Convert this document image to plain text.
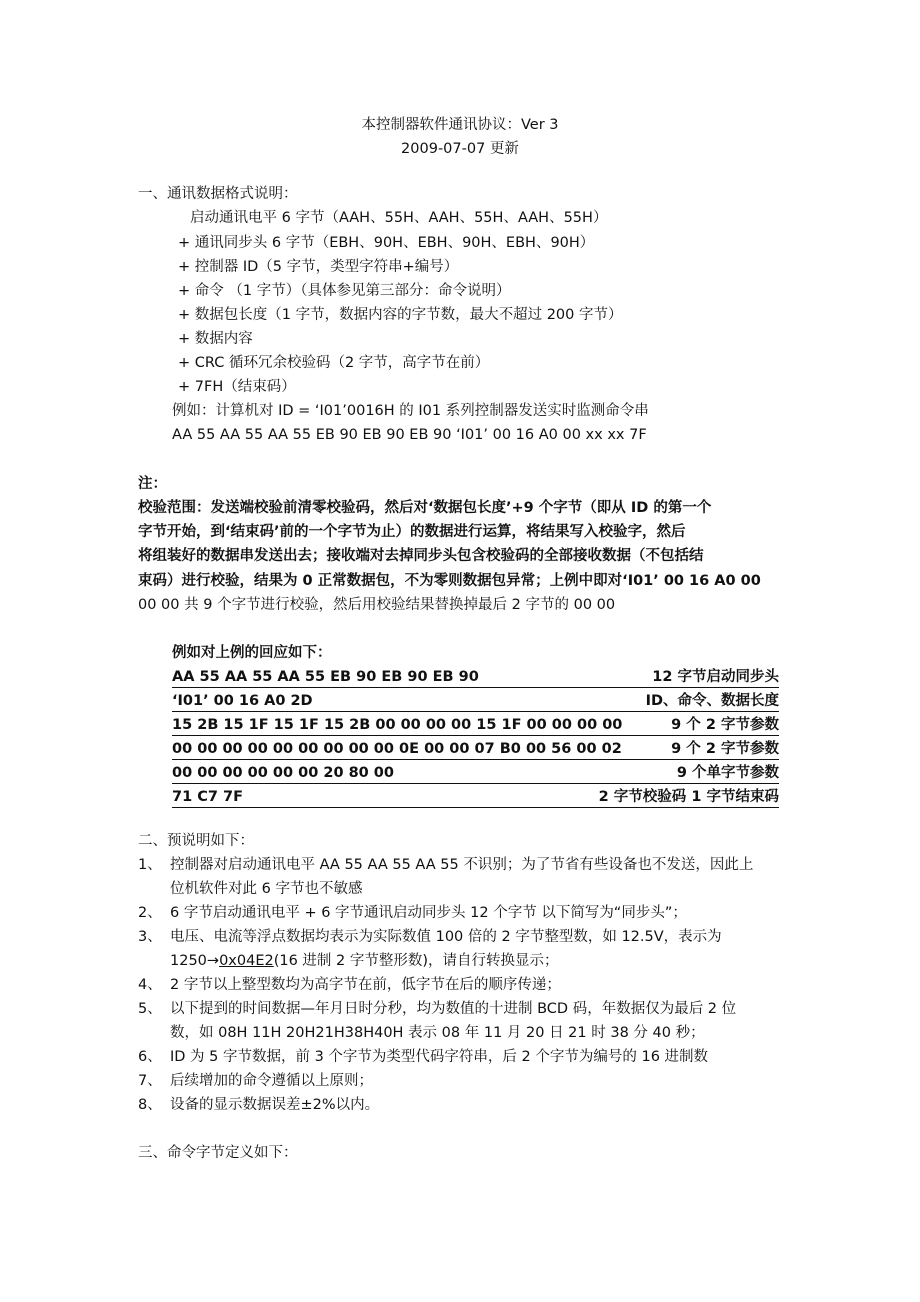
本控制器软件通讯协议：Ver 3
2009-07-07 更新
一、通讯数据格式说明：
启动通讯电平 6 字节（AAH、55H、AAH、55H、AAH、55H）
+ 通讯同步头 6 字节（EBH、90H、EBH、90H、EBH、90H）
+ 控制器 ID（5 字节，类型字符串+编号）
+ 命令 （1 字节）（具体参见第三部分：命令说明）
+ 数据包长度（1 字节，数据内容的字节数，最大不超过 200 字节）
+ 数据内容
+ CRC 循环冗余校验码（2 字节，高字节在前）
+ 7FH（结束码）
例如：计算机对 ID = ‘I01’0016H 的 I01 系列控制器发送实时监测命令串
AA 55 AA 55 AA 55 EB 90 EB 90 EB 90 ‘I01’ 00 16 A0 00 xx xx 7F
注：
校验范围：发送端校验前清零校验码，然后对‘数据包长度’+9 个字节（即从 ID 的第一个
字节开始，到‘结束码’前的一个字节为止）的数据进行运算，将结果写入校验字，然后
将组装好的数据串发送出去；接收端对去掉同步头包含校验码的全部接收数据（不包括结
束码）进行校验，结果为 0 正常数据包，不为零则数据包异常；上例中即对‘I01’ 00 16 A0 00
00 00 共 9 个字节进行校验，然后用校验结果替换掉最后 2 字节的 00 00
例如对上例的回应如下：
AA 55 AA 55 AA 55 EB 90 EB 90 EB 90	12 字节启动同步头
‘I01’ 00 16 A0 2D	ID、命令、数据长度
15 2B 15 1F 15 1F 15 2B 00 00 00 00 15 1F 00 00 00 00	9 个 2 字节参数
00 00 00 00 00 00 00 00 00 0E 00 00 07 B0 00 56 00 02	9 个 2 字节参数
00 00 00 00 00 00 20 80 00	9 个单字节参数
71 C7 7F	2 字节校验码 1 字节结束码
二、预说明如下：
1、 控制器对启动通讯电平 AA 55 AA 55 AA 55 不识别；为了节省有些设备也不发送，因此上
位机软件对此 6 字节也不敏感
2、 6 字节启动通讯电平 + 6 字节通讯启动同步头 12 个字节 以下简写为“同步头”；
3、 电压、电流等浮点数据均表示为实际数值 100 倍的 2 字节整型数，如 12.5V，表示为
1250→0x04E2(16 进制 2 字节整形数)，请自行转换显示；
4、 2 字节以上整型数均为高字节在前，低字节在后的顺序传递；
5、 以下提到的时间数据—年月日时分秒，均为数值的十进制 BCD 码，年数据仅为最后 2 位
数，如 08H 11H 20H21H38H40H 表示 08 年 11 月 20 日 21 时 38 分 40 秒；
6、 ID 为 5 字节数据，前 3 个字节为类型代码字符串，后 2 个字节为编号的 16 进制数
7、 后续增加的命令遵循以上原则；
8、 设备的显示数据误差±2%以内。
三、命令字节定义如下：
